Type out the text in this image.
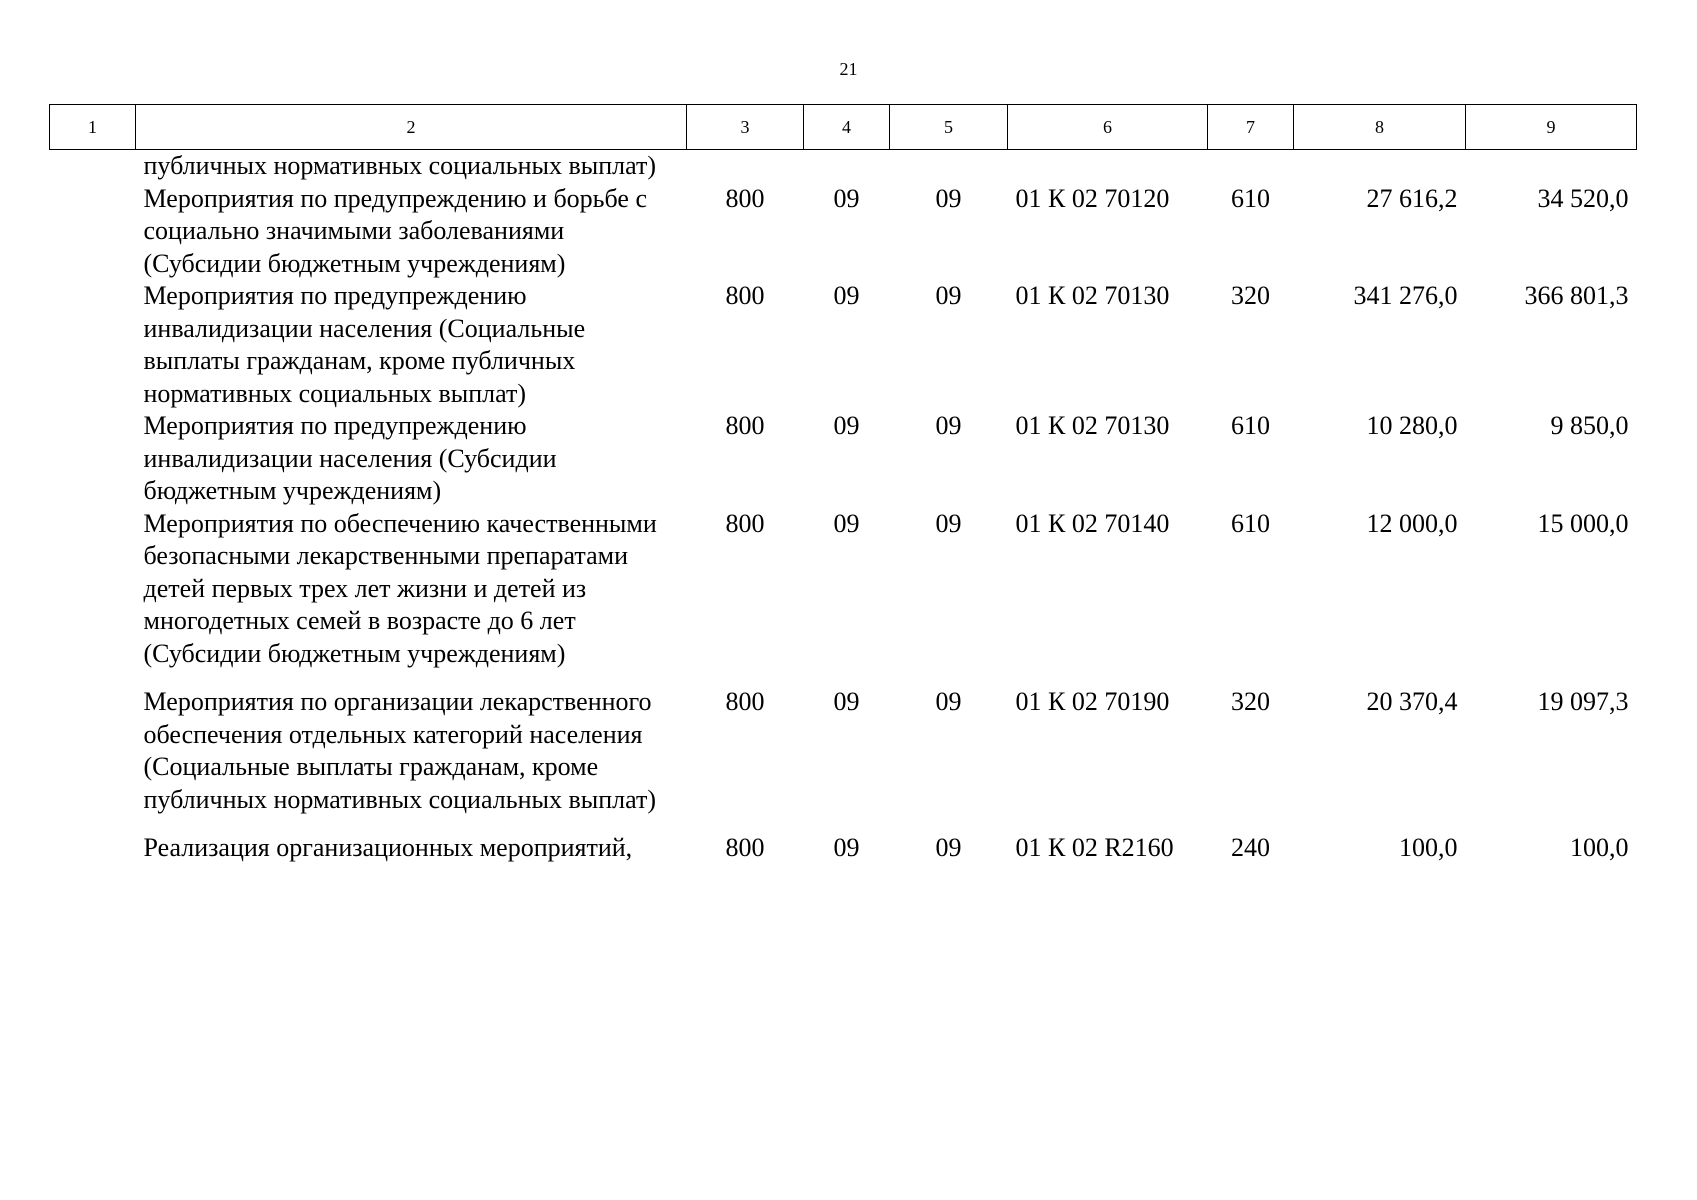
21
1	2	3	4	5	6	7	8	9
	публичных нормативных социальных выплат)							
	Мероприятия по предупреждению и борьбе с социально значимыми заболеваниями (Субсидии бюджетным учреждениям)	800	09	09	01 К 02 70120	610	27 616,2	34 520,0
	Мероприятия по предупреждению инвалидизации населения (Социальные выплаты гражданам, кроме публичных нормативных социальных выплат)	800	09	09	01 К 02 70130	320	341 276,0	366 801,3
	Мероприятия по предупреждению инвалидизации населения (Субсидии бюджетным учреждениям)	800	09	09	01 К 02 70130	610	10 280,0	9 850,0
	Мероприятия по обеспечению качественными безопасными лекарственными препаратами детей первых трех лет жизни и детей из многодетных семей в возрасте до 6 лет (Субсидии бюджетным учреждениям)	800	09	09	01 К 02 70140	610	12 000,0	15 000,0
	Мероприятия по организации лекарственного обеспечения отдельных категорий населения (Социальные выплаты гражданам, кроме публичных нормативных социальных выплат)	800	09	09	01 К 02 70190	320	20 370,4	19 097,3
	Реализация организационных мероприятий,	800	09	09	01 К 02 R2160	240	100,0	100,0
